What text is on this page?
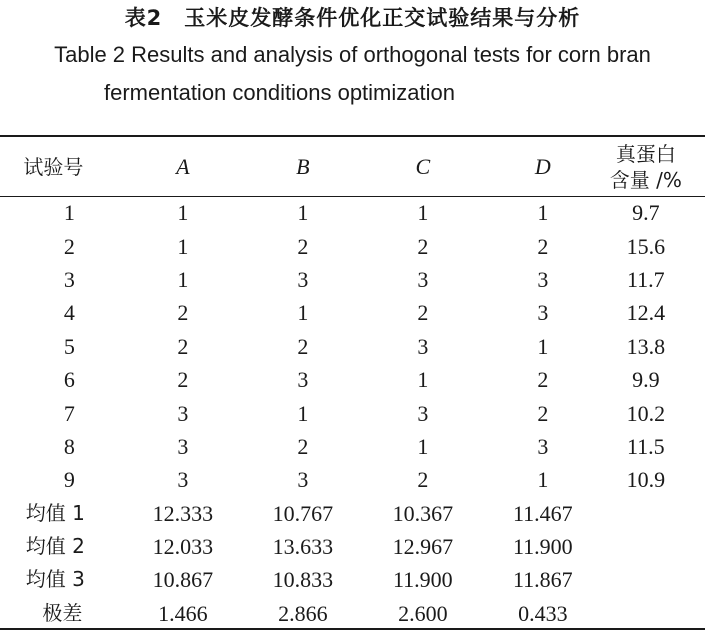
表2　玉米皮发酵条件优化正交试验结果与分析
Table 2 Results and analysis of orthogonal tests for corn bran
fermentation conditions optimization
试验号	A	B	C	D	真蛋白
含量 /%

1	1	1	1	1	9.7
2	1	2	2	2	15.6
3	1	3	3	3	11.7
4	2	1	2	3	12.4
5	2	2	3	1	13.8
6	2	3	1	2	9.9
7	3	1	3	2	10.2
8	3	2	1	3	11.5
9	3	3	2	1	10.9
均值 1	12.333	10.767	10.367	11.467	
均值 2	12.033	13.633	12.967	11.900	
均值 3	10.867	10.833	11.900	11.867	
极差	1.466	2.866	2.600	0.433	
